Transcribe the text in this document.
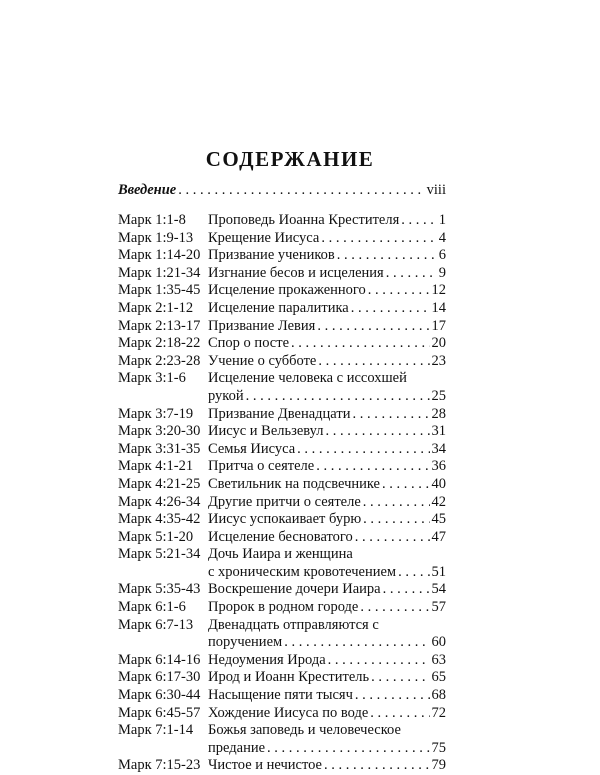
СОДЕРЖАНИЕ
Введение . . .	viii
Марк 1:1-8	Проповедь Иоанна Крестителя . . .	1
Марк 1:9-13	Крещение Иисуса . . .	4
Марк 1:14-20 Призвание учеников . . .	6
Марк 1:21-34 Изгнание бесов и исцеления . . .	9
Марк 1:35-45 Исцеление прокаженного . . .	12
Марк 2:1-12	Исцеление паралитика . . .	14
Марк 2:13-17 Призвание Левия . . .	17
Марк 2:18-22 Спор о посте . . .	20
Марк 2:23-28 Учение о субботе . . .	23
Марк 3:1-6	Исцеление человека с иссохшей
рукой . . .	25
Марк 3:7-19	Призвание Двенадцати . . .	28
Марк 3:20-30 Иисус и Вельзевул . . .	31
Марк 3:31-35 Семья Иисуса . . .	34
Марк 4:1-21	Притча о сеятеле . . .	36
Марк 4:21-25 Светильник на подсвечнике . . .	40
Марк 4:26-34 Другие притчи о сеятеле . . .	42
Марк 4:35-42 Иисус успокаивает бурю . . .	45
Марк 5:1-20	Исцеление бесноватого . . .	47
Марк 5:21-34 Дочь Иаира и женщина
с хроническим кровотечением . . . 51
Марк 5:35-43 Воскрешение дочери Иаира . . .	54
Марк 6:1-6	Пророк в родном городе . . .	57
Марк 6:7-13	Двенадцать отправляются с
поручением . . .	60
Марк 6:14-16 Недоумения Ирода . . .	63
Марк 6:17-30 Ирод и Иоанн Креститель . . .	65
Марк 6:30-44 Насыщение пяти тысяч . . .	68
Марк 6:45-57 Хождение Иисуса по воде . . .	72
Марк 7:1-14	Божья заповедь и человеческое
предание . . .	75
Марк 7:15-23 Чистое и нечистое . . .	79
